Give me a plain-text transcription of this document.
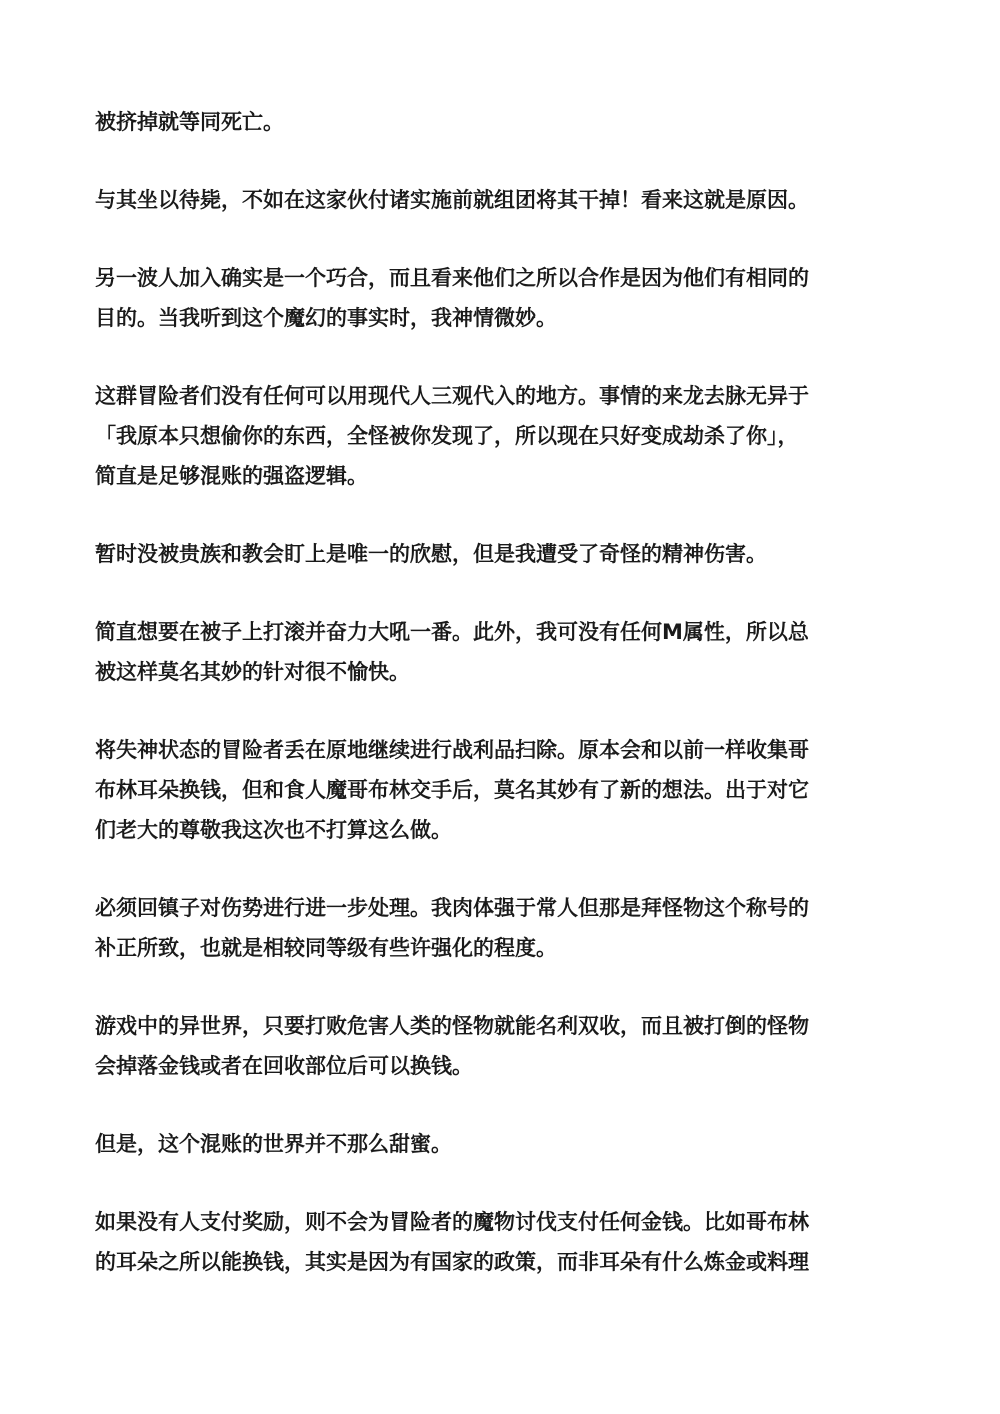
被挤掉就等同死亡。

与其坐以待毙，不如在这家伙付诸实施前就组团将其干掉！看来这就是原因。

另一波人加入确实是一个巧合，而且看来他们之所以合作是因为他们有相同的
目的。当我听到这个魔幻的事实时，我神情微妙。

这群冒险者们没有任何可以用现代人三观代入的地方。事情的来龙去脉无异于
「我原本只想偷你的东西，全怪被你发现了，所以现在只好变成劫杀了你」，
简直是足够混账的强盗逻辑。

暂时没被贵族和教会盯上是唯一的欣慰，但是我遭受了奇怪的精神伤害。

简直想要在被子上打滚并奋力大吼一番。此外，我可没有任何M属性，所以总
被这样莫名其妙的针对很不愉快。

将失神状态的冒险者丢在原地继续进行战利品扫除。原本会和以前一样收集哥
布林耳朵换钱，但和食人魔哥布林交手后，莫名其妙有了新的想法。出于对它
们老大的尊敬我这次也不打算这么做。

必须回镇子对伤势进行进一步处理。我肉体强于常人但那是拜怪物这个称号的
补正所致，也就是相较同等级有些许强化的程度。

游戏中的异世界，只要打败危害人类的怪物就能名利双收，而且被打倒的怪物
会掉落金钱或者在回收部位后可以换钱。

但是，这个混账的世界并不那么甜蜜。

如果没有人支付奖励，则不会为冒险者的魔物讨伐支付任何金钱。比如哥布林
的耳朵之所以能换钱，其实是因为有国家的政策，而非耳朵有什么炼金或料理
